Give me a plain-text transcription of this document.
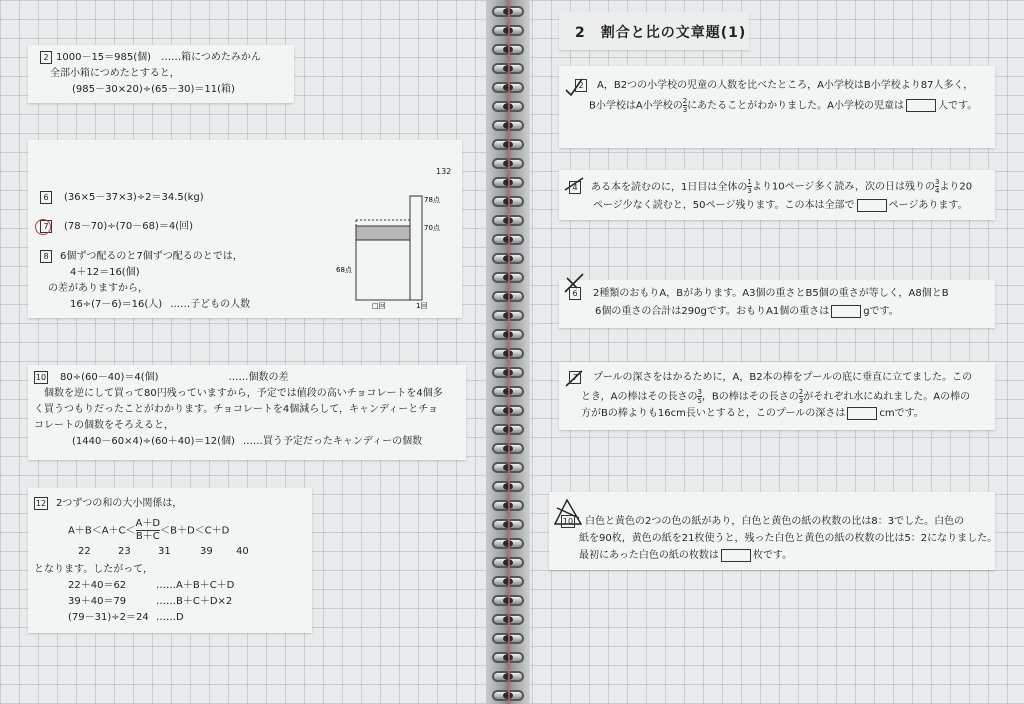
2 1000－15＝985(個) ……箱につめたみかん
全部小箱につめたとすると，
(985－30×20)÷(65－30)＝11(箱)
132
6 (36×5－37×3)÷2＝34.5(kg)
7 (78－70)÷(70－68)＝4(回)
8 6個ずつ配るのと7個ずつ配るのとでは，
4＋12＝16(個)
の差がありますから，
16÷(7－6)＝16(人) ……子どもの人数
78点
70点
68点
□回	1回
10 80÷(60－40)＝4(個)	……個数の差
個数を逆にして買って80円残っていますから，予定では値段の高いチョコレートを4個多
く買うつもりだったことがわかります。チョコレートを4個減らして，キャンディーとチョ
コレートの個数をそろえると，
(1440－60×4)÷(60＋40)＝12(個) ……買う予定だったキャンディーの個数
12 2つずつの和の大小関係は，
$A+B<A+C< \frac{A+D}{B+C} <B+D<C+D$
22	23	31	39 40
となります。したがって，
22＋40＝62	……A＋B＋C＋D
39＋40＝79	……B＋C＋D×2
(79－31)÷2＝24 ……D
2　割合と比の文章題(1)
2 A，B2つの小学校の児童の人数を比べたところ，A小学校はB小学校より87人多く，
B小学校はA小学校の $\frac{2}{3}$ にあたることがわかりました。A小学校の児童は	人です。
4 ある本を読むのに，1日目は全体の $\frac{1}{3}$ より10ページ多く読み，次の日は残りの $\frac{3}{4}$ より20
ページ少なく読むと，50ページ残ります。この本は全部で	ページあります。
6 2種類のおもりA，Bがあります。A3個の重さとB5個の重さが等しく，A8個とB
6個の重さの合計は290gです。おもりA1個の重さは	gです。
7 プールの深さをはかるために，A，B2本の棒をプールの底に垂直に立てました。この
とき，Aの棒はその長さの $\frac{3}{5}$ ，Bの棒はその長さの $\frac{2}{3}$ がそれぞれ水にぬれました。Aの棒の
方がBの棒よりも16cm長いとすると，このプールの深さは	cmです。
10 白色と黄色の2つの色の紙があり，白色と黄色の紙の枚数の比は8：3でした。白色の
紙を90枚，黄色の紙を21枚使うと，残った白色と黄色の紙の枚数の比は5：2になりました。
最初にあった白色の紙の枚数は	枚です。
